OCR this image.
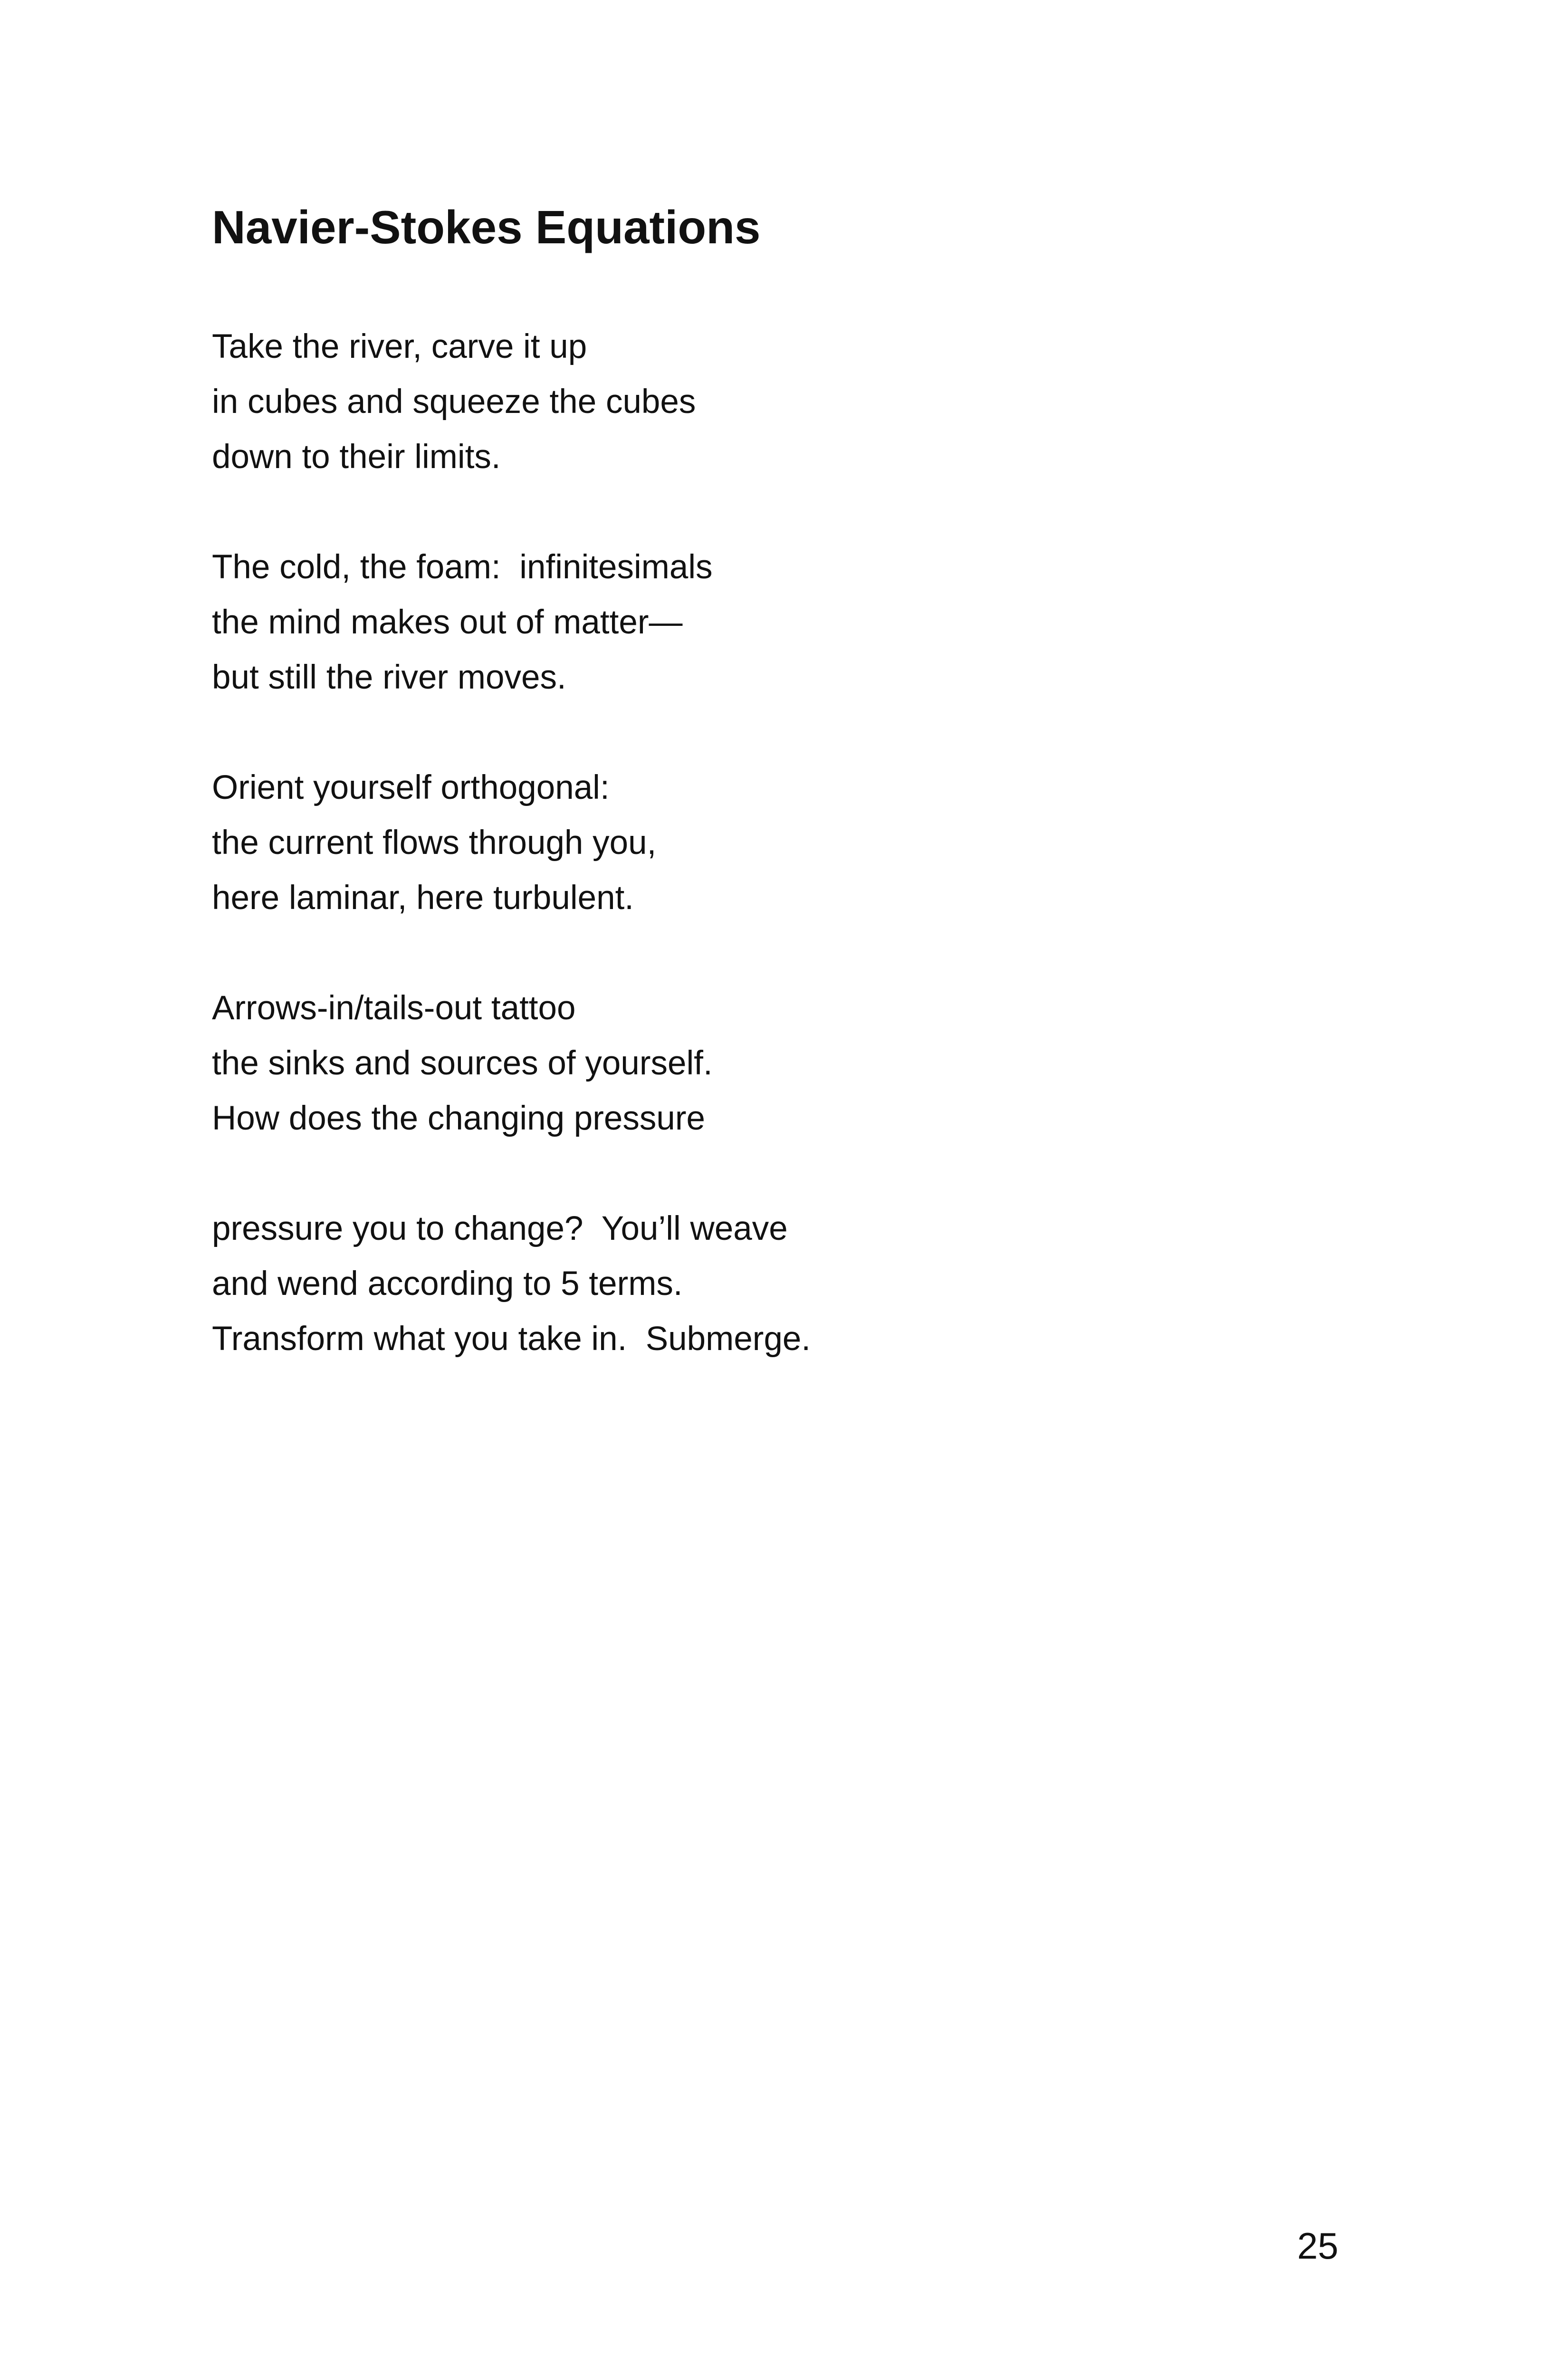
Navier-Stokes Equations
Take the river, carve it up
in cubes and squeeze the cubes
down to their limits.
The cold, the foam:  infinitesimals
the mind makes out of matter—
but still the river moves.
Orient yourself orthogonal:
the current flows through you,
here laminar, here turbulent.
Arrows-in/tails-out tattoo
the sinks and sources of yourself.
How does the changing pressure
pressure you to change?  You’ll weave
and wend according to 5 terms.
Transform what you take in.  Submerge.
25
